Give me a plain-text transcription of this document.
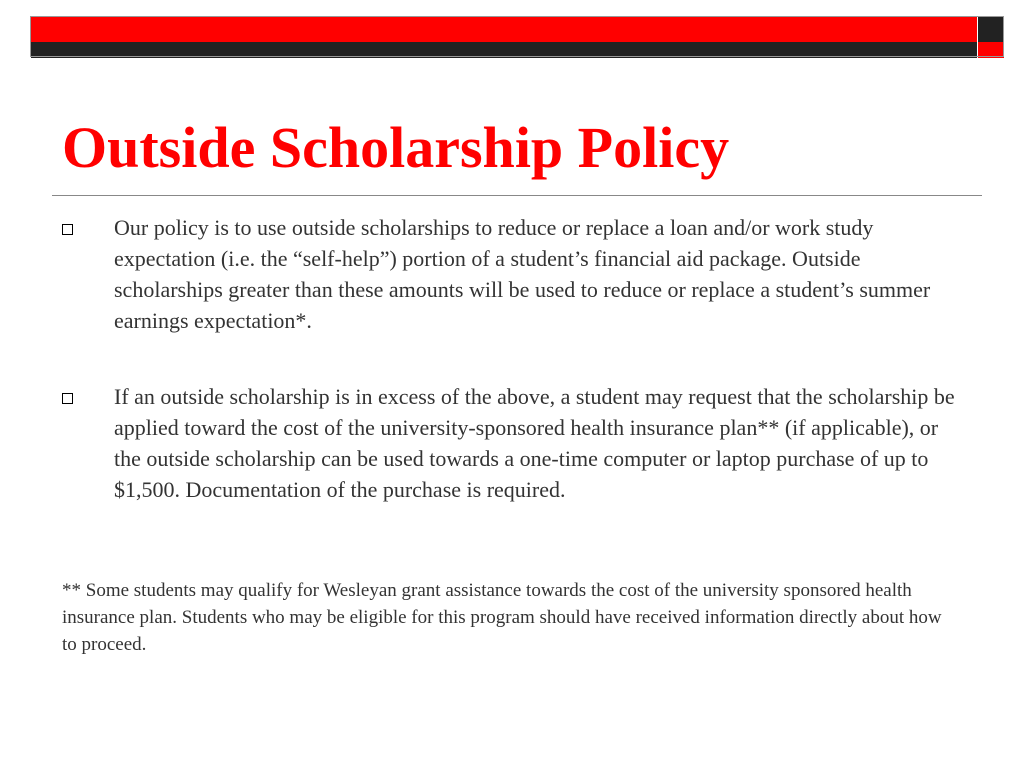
Outside Scholarship Policy

Our policy is to use outside scholarships to reduce or replace a loan and/or work study expectation (i.e. the “self-help”) portion of a student’s financial aid package. Outside scholarships greater than these amounts will be used to reduce or replace a student’s summer earnings expectation*.

If an outside scholarship is in excess of the above, a student may request that the scholarship be applied toward the cost of the university-sponsored health insurance plan** (if applicable), or the outside scholarship can be used towards a one-time computer or laptop purchase of up to $1,500. Documentation of the purchase is required.

** Some students may qualify for Wesleyan grant assistance towards the cost of the university sponsored health insurance plan. Students who may be eligible for this program should have received information directly about how to proceed.
